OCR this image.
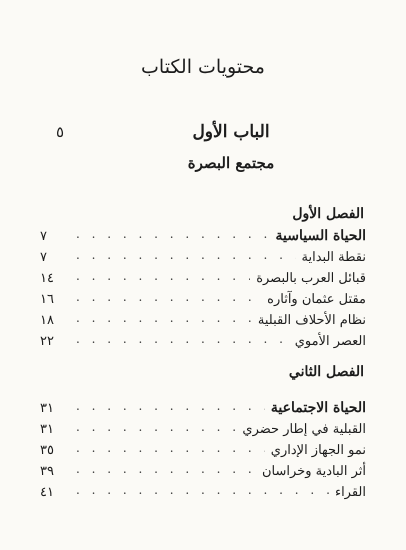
محتويات الكتاب
الباب الأول
٥
مجتمع البصرة
الفصل الأول
٧ . . .	الحياة السياسية
٧ . . .	نقطة البداية
١٤ . . .	قبائل العرب بالبصرة
١٦ . . .	مقتل عثمان وآثاره
١٨ . . .	نظام الأحلاف القبلية
٢٢ . . .	العصر الأموي
الفصل الثاني
٣١ . . .	الحياة الاجتماعية
٣١ . . .	القبلية في إطار حضري
٣٥ . . .	نمو الجهاز الإداري
٣٩ . . .	أثر البادية وخراسان
٤١ . . .	القراء
